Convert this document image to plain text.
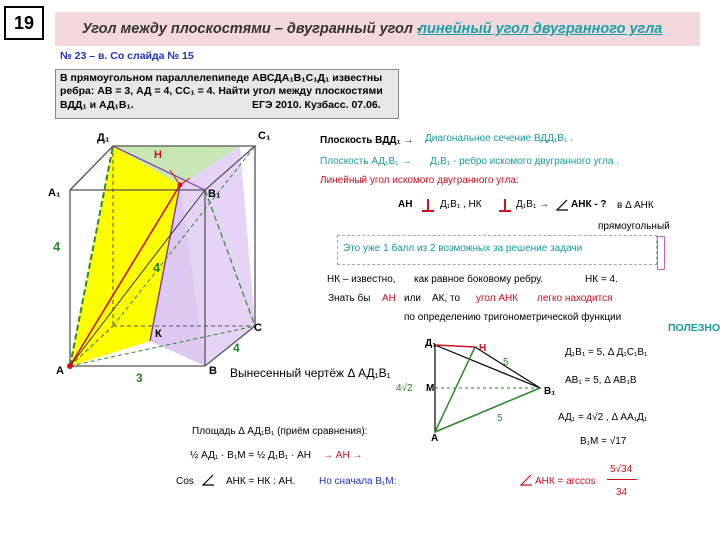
19	Угол между плоскостями – двугранный угол -
линейный угол двугранного угла
№ 23 – в. Со слайда № 15
В прямоугольном параллелепипеде АВСДА₁В₁С₁Д₁ известны
ребра: АВ = 3, АД = 4, СС₁ = 4. Найти угол между плоскостями
ВДД₁ и АД₁В₁.	ЕГЭ 2010. Кузбасс. 07.06.
Д₁	С₁
А₁	В₁
Н
К	С
А	В
4
4
4
3
Плоскость ВДД₁ → Диагональное сечение ВДД₁В₁ .
Плоскость АД₁В₁ → Д₁В₁ - ребро искомого двугранного угла .
Линейный угол искомого двугранного угла:
АН	Д₁В₁ , НК	Д₁В₁ → АНК - ? в Δ АНК
прямоугольный
Это уже 1 балл из 2 возможных за решение задачи
НК – известно, как равное боковому ребру.	НК = 4.
Знать бы АН или АК, то угол АНК легко находится
по определению тригонометрической функции
ПОЛЕЗНО
Д₁	Н
М	В₁
А
5
5
4√2
Вынесенный чертёж Δ АД₁В₁
Д₁В₁ = 5, Δ Д₁С₁В₁
АВ₁ = 5, Δ АВ₁В
АД₁ = 4√2 , Δ АА₁Д₁
В₁М = √17
Площадь Δ АД₁В₁ (приём сравнения):
½ АД₁ · В₁М = ½ Д₁В₁ · АН → АН →
Cos	АНК = НК : АН. Но сначала В₁М:	АНК = arccos
5√34
34
